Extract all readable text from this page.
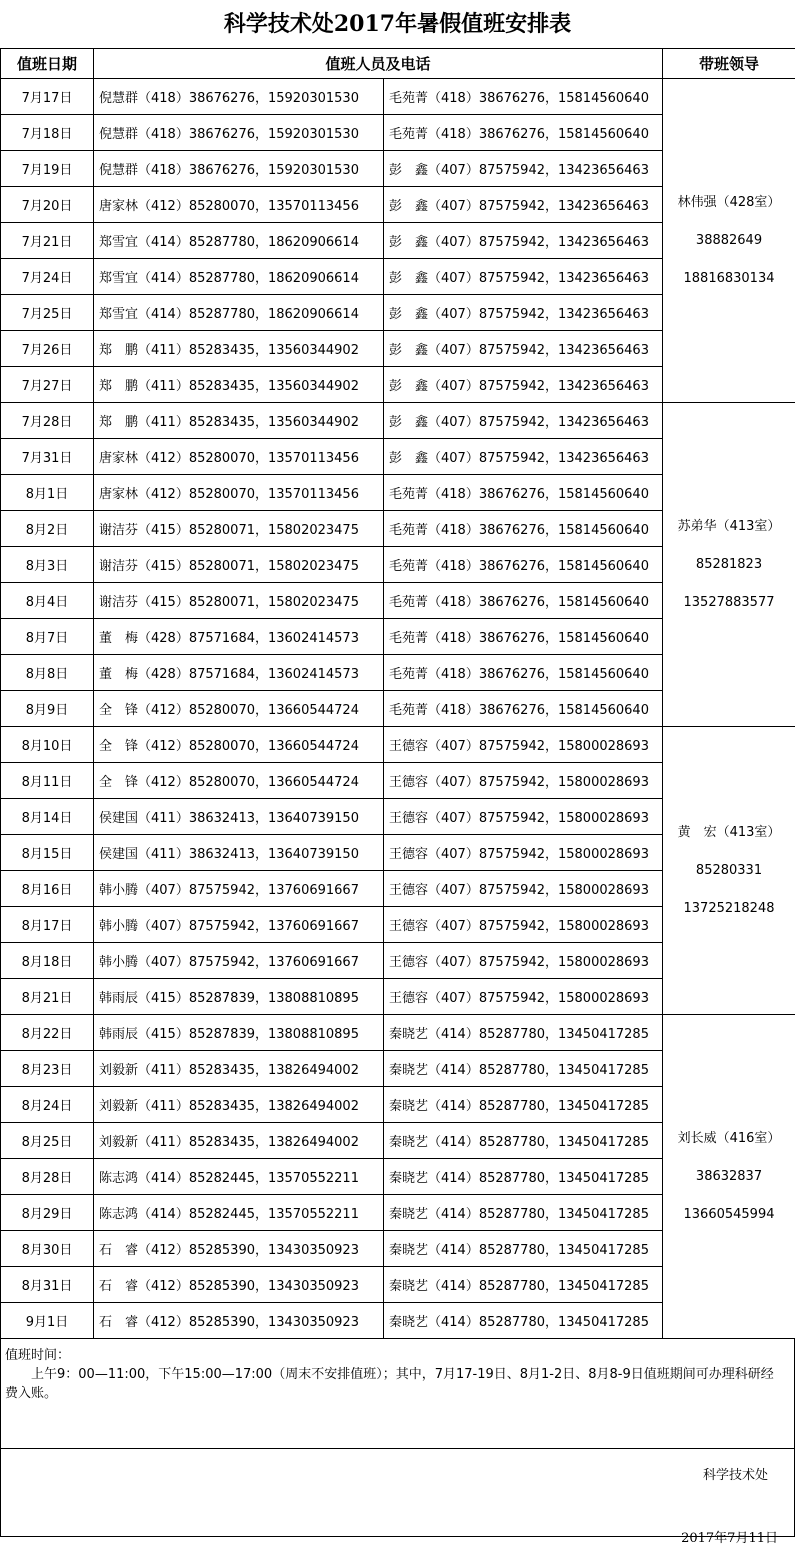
科学技术处2017年暑假值班安排表
值班日期	值班人员及电话		带班领导
7月17日	倪慧群（418）38676276，15920301530	毛苑菁（418）38676276，15814560640	林伟强（428室）
38882649
18816830134

7月18日	倪慧群（418）38676276，15920301530	毛苑菁（418）38676276，15814560640	
7月19日	倪慧群（418）38676276，15920301530	彭　鑫（407）87575942，13423656463	
7月20日	唐家林（412）85280070，13570113456	彭　鑫（407）87575942，13423656463	
7月21日	郑雪宜（414）85287780，18620906614	彭　鑫（407）87575942，13423656463	
7月24日	郑雪宜（414）85287780，18620906614	彭　鑫（407）87575942，13423656463	
7月25日	郑雪宜（414）85287780，18620906614	彭　鑫（407）87575942，13423656463	
7月26日	郑　鹏（411）85283435，13560344902	彭　鑫（407）87575942，13423656463	
7月27日	郑　鹏（411）85283435，13560344902	彭　鑫（407）87575942，13423656463	
7月28日	郑　鹏（411）85283435，13560344902	彭　鑫（407）87575942，13423656463	苏弟华（413室）
85281823
13527883577

7月31日	唐家林（412）85280070，13570113456	彭　鑫（407）87575942，13423656463	
8月1日	唐家林（412）85280070，13570113456	毛苑菁（418）38676276，15814560640	
8月2日	谢洁芬（415）85280071，15802023475	毛苑菁（418）38676276，15814560640	
8月3日	谢洁芬（415）85280071，15802023475	毛苑菁（418）38676276，15814560640	
8月4日	谢洁芬（415）85280071，15802023475	毛苑菁（418）38676276，15814560640	
8月7日	董　梅（428）87571684，13602414573	毛苑菁（418）38676276，15814560640	
8月8日	董　梅（428）87571684，13602414573	毛苑菁（418）38676276，15814560640	
8月9日	全　锋（412）85280070，13660544724	毛苑菁（418）38676276，15814560640	
8月10日	全　锋（412）85280070，13660544724	王德容（407）87575942，15800028693	黄　宏（413室）
85280331
13725218248

8月11日	全　锋（412）85280070，13660544724	王德容（407）87575942，15800028693	
8月14日	侯建国（411）38632413，13640739150	王德容（407）87575942，15800028693	
8月15日	侯建国（411）38632413，13640739150	王德容（407）87575942，15800028693	
8月16日	韩小腾（407）87575942，13760691667	王德容（407）87575942，15800028693	
8月17日	韩小腾（407）87575942，13760691667	王德容（407）87575942，15800028693	
8月18日	韩小腾（407）87575942，13760691667	王德容（407）87575942，15800028693	
8月21日	韩雨辰（415）85287839，13808810895	王德容（407）87575942，15800028693	
8月22日	韩雨辰（415）85287839，13808810895	秦晓艺（414）85287780，13450417285	刘长威（416室）
38632837
13660545994

8月23日	刘毅新（411）85283435，13826494002	秦晓艺（414）85287780，13450417285	
8月24日	刘毅新（411）85283435，13826494002	秦晓艺（414）85287780，13450417285	
8月25日	刘毅新（411）85283435，13826494002	秦晓艺（414）85287780，13450417285	
8月28日	陈志鸿（414）85282445，13570552211	秦晓艺（414）85287780，13450417285	
8月29日	陈志鸿（414）85282445，13570552211	秦晓艺（414）85287780，13450417285	
8月30日	石　睿（412）85285390，13430350923	秦晓艺（414）85287780，13450417285	
8月31日	石　睿（412）85285390，13430350923	秦晓艺（414）85287780，13450417285	
9月1日	石　睿（412）85285390，13430350923	秦晓艺（414）85287780，13450417285	
值班时间：
上午9：00—11:00，下午15:00—17:00（周末不安排值班）；其中，7月17-19日、8月1-2日、8月8-9日值班期间可办理科研经费入账。
科学技术处
2017年7月11日
